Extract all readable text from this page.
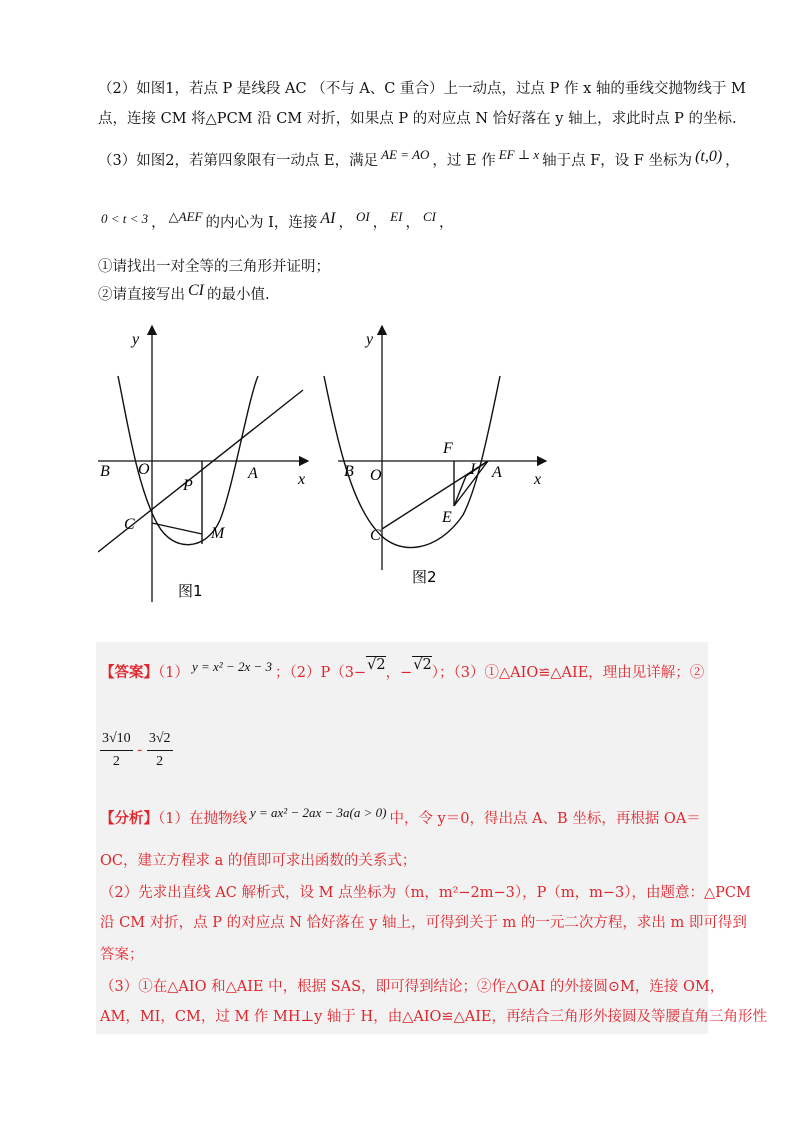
（2）如图1，若点 P 是线段 AC （不与 A、C 重合）上一动点，过点 P 作 x 轴的垂线交抛物线于 M
点，连接 CM 将△PCM 沿 CM 对折，如果点 P 的对应点 N 恰好落在 y 轴上，求此时点 P 的坐标.
（3）如图2，若第四象限有一动点 E，满足 AE = AO ，过 E 作 EF ⊥ x 轴于点 F，设 F 坐标为 (t,0) ，
0 < t < 3 ， △AEF 的内心为 I，连接 AI ， OI ， EI ， CI ，
①请找出一对全等的三角形并证明；
②请直接写出 CI 的最小值.
y
x
B O	A
P
C
M
图1
y
x
B O	A
F
I
E
C
图2
【答案】（1） y = x² − 2x − 3 ；（2）P（3−√2，−√2）；（3）①△AIO≌△AIE，理由见详解；②
$\frac{3√10}{2} - \frac{3√2}{2}$
【分析】（1）在抛物线 y = ax² − 2ax − 3a(a > 0) 中，令 y＝0，得出点 A、B 坐标，再根据 OA＝
OC，建立方程求 a 的值即可求出函数的关系式；
（2）先求出直线 AC 解析式，设 M 点坐标为（m，m²−2m−3），P（m，m−3），由题意：△PCM
沿 CM 对折，点 P 的对应点 N 恰好落在 y 轴上，可得到关于 m 的一元二次方程，求出 m 即可得到
答案；
（3）①在△AIO 和△AIE 中，根据 SAS，即可得到结论；②作△OAI 的外接圆⊙M，连接 OM，
AM，MI，CM，过 M 作 MH⊥y 轴于 H，由△AIO≌△AIE，再结合三角形外接圆及等腰直角三角形性
